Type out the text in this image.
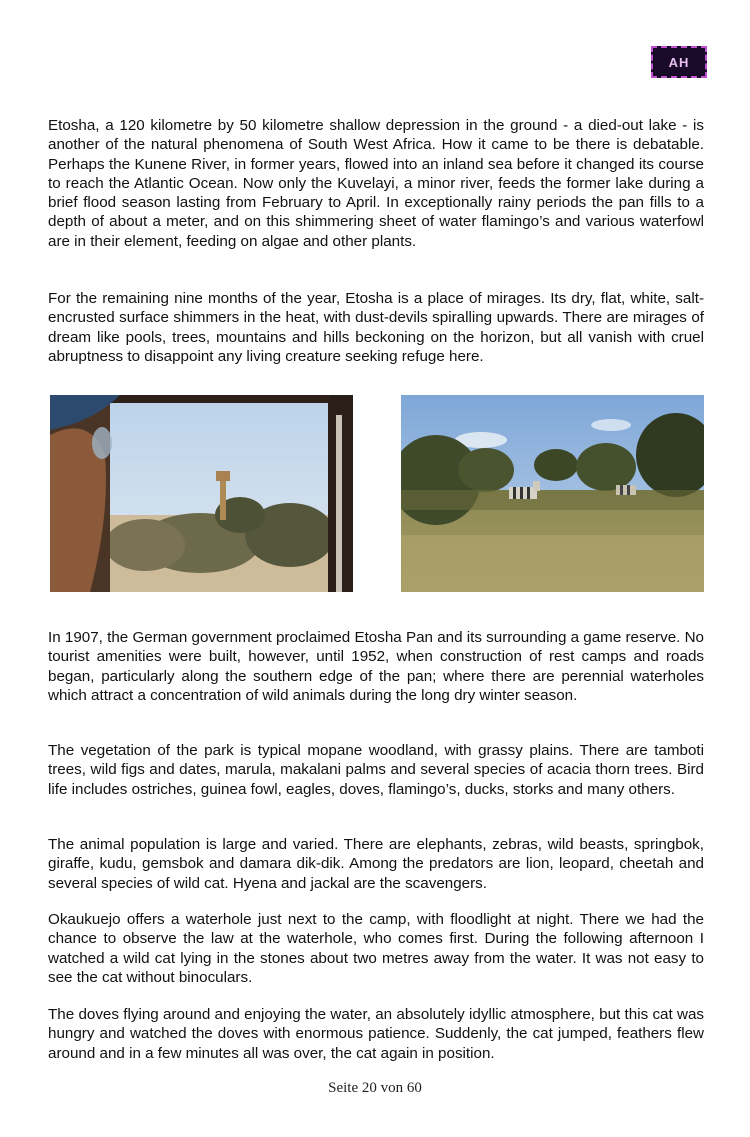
AH

Etosha, a 120 kilometre by 50 kilometre shallow depression in the ground - a died-out lake - is another of the natural phenomena of South West Africa. How it came to be there is debatable. Perhaps the Kunene River, in former years, flowed into an inland sea before it changed its course to reach the Atlantic Ocean. Now only the Kuvelayi, a minor river, feeds the former lake during a brief flood season lasting from February to April. In exceptionally rainy periods the pan fills to a depth of about a meter, and on this shimmering sheet of water flamingo’s and various waterfowl are in their element, feeding on algae and other plants.

For the remaining nine months of the year, Etosha is a place of mirages. Its dry, flat, white, salt-encrusted surface shimmers in the heat, with dust-devils spiralling upwards. There are mirages of dream like pools, trees, mountains and hills beckoning on the horizon, but all vanish with cruel abruptness to disappoint any living creature seeking refuge here.

In 1907, the German government proclaimed Etosha Pan and its surrounding a game reserve. No tourist amenities were built, however, until 1952, when construction of rest camps and roads began, particularly along the southern edge of the pan; where there are perennial waterholes which attract a concentration of wild animals during the long dry winter season.

The vegetation of the park is typical mopane woodland, with grassy plains. There are tamboti trees, wild figs and dates, marula, makalani palms and several species of acacia thorn trees. Bird life includes ostriches, guinea fowl, eagles, doves, flamingo’s, ducks, storks and many others.

The animal population is large and varied. There are elephants, zebras, wild beasts, springbok, giraffe, kudu, gemsbok and damara dik-dik. Among the predators are lion, leopard, cheetah and several species of wild cat. Hyena and jackal are the scavengers.

Okaukuejo offers a waterhole just next to the camp, with floodlight at night. There we had the chance to observe the law at the waterhole, who comes first. During the following afternoon I watched a wild cat lying in the stones about two metres away from the water. It was not easy to see the cat without binoculars.

The doves flying around and enjoying the water, an absolutely idyllic atmosphere, but this cat was hungry and watched the doves with enormous patience. Suddenly, the cat jumped, feathers flew around and in a few minutes all was over, the cat again in position.

Seite 20 von 60
